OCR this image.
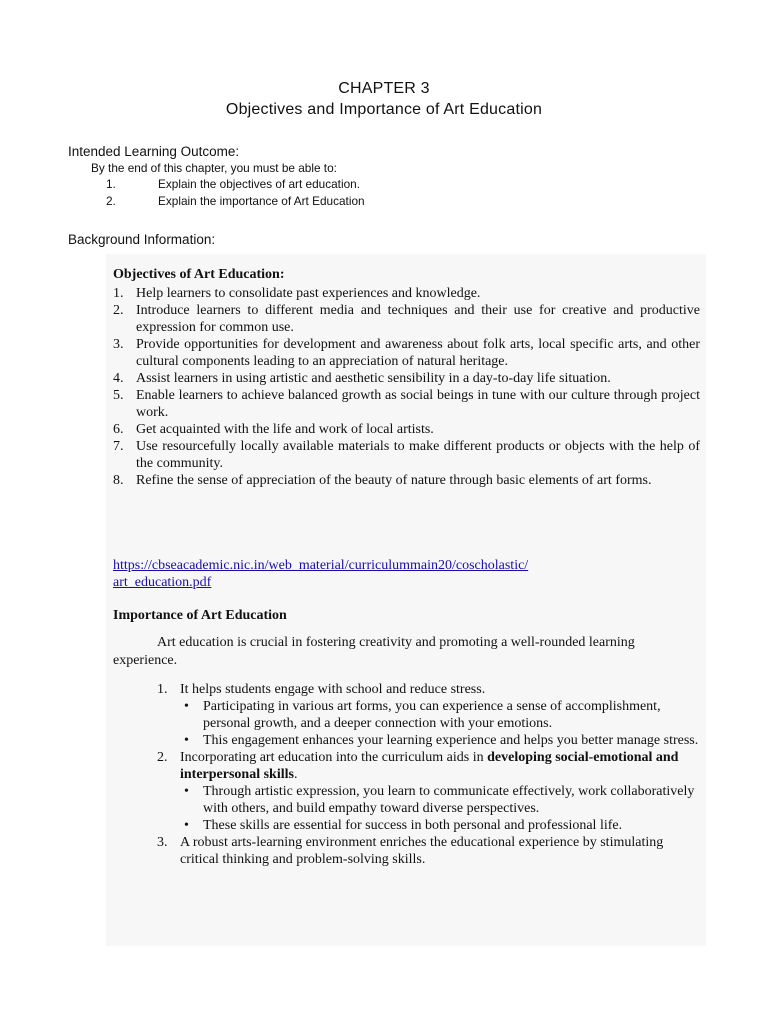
CHAPTER 3
Objectives and Importance of Art Education
Intended Learning Outcome:
By the end of this chapter, you must be able to:
1.	Explain the objectives of art education.
2.	Explain the importance of Art Education
Background Information:
Objectives of Art Education:
1. Help learners to consolidate past experiences and knowledge.
2. Introduce learners to different media and techniques and their use for creative and productive expression for common use.
3. Provide opportunities for development and awareness about folk arts, local specific arts, and other cultural components leading to an appreciation of natural heritage.
4. Assist learners in using artistic and aesthetic sensibility in a day-to-day life situation.
5. Enable learners to achieve balanced growth as social beings in tune with our culture through project work.
6. Get acquainted with the life and work of local artists.
7. Use resourcefully locally available materials to make different products or objects with the help of the community.
8. Refine the sense of appreciation of the beauty of nature through basic elements of art forms.
https://cbseacademic.nic.in/web_material/curriculummain20/coscholastic/
art_education.pdf
Importance of Art Education
Art education is crucial in fostering creativity and promoting a well-rounded learning experience.
1. It helps students engage with school and reduce stress.
• Participating in various art forms, you can experience a sense of accomplishment, personal growth, and a deeper connection with your emotions.
• This engagement enhances your learning experience and helps you better manage stress.
2. Incorporating art education into the curriculum aids in developing social-emotional and interpersonal skills.
• Through artistic expression, you learn to communicate effectively, work collaboratively with others, and build empathy toward diverse perspectives.
• These skills are essential for success in both personal and professional life.
3. A robust arts-learning environment enriches the educational experience by stimulating critical thinking and problem-solving skills.
